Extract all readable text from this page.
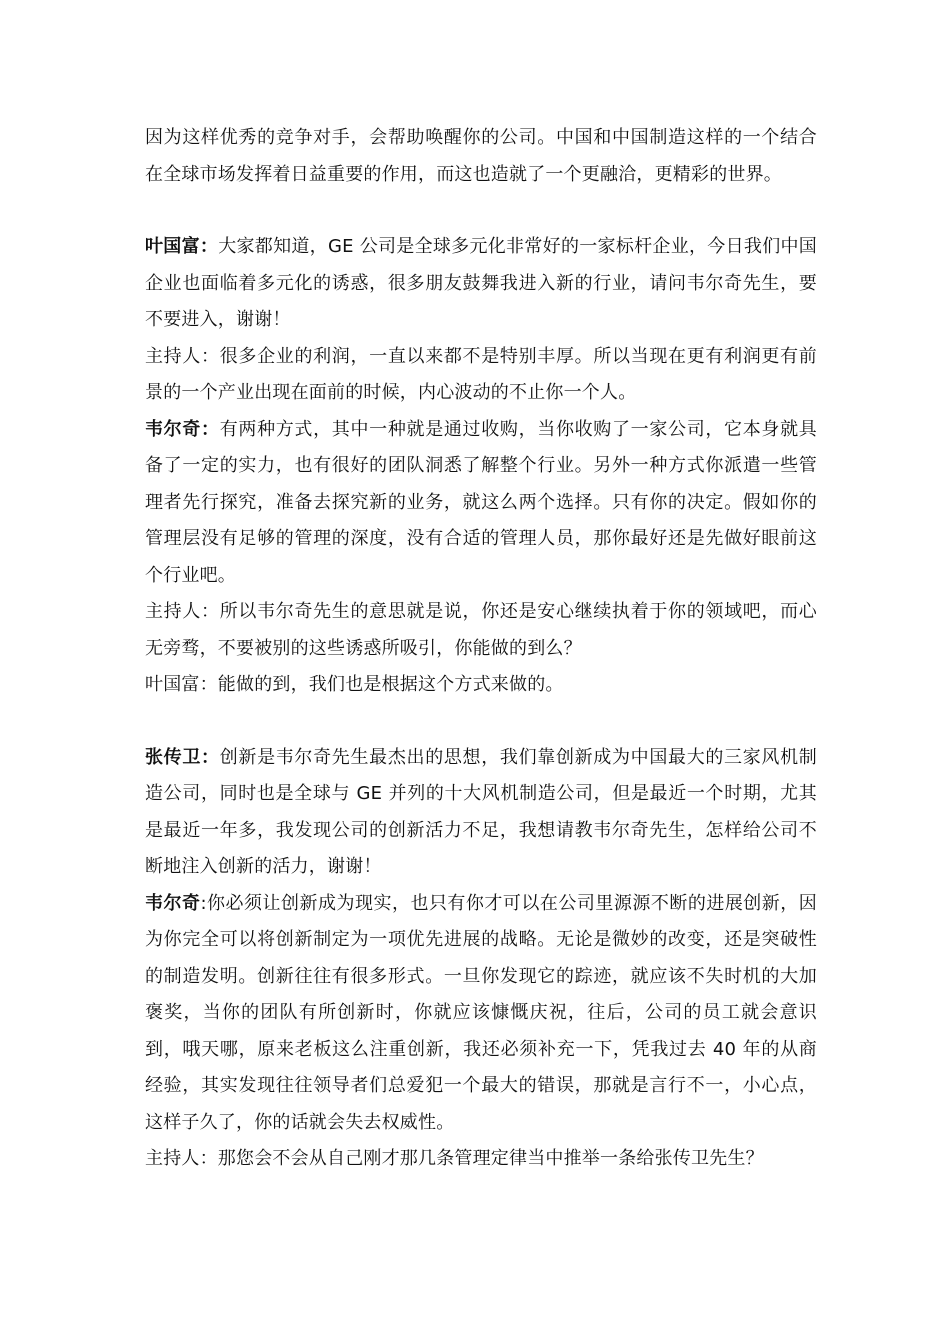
因为这样优秀的竞争对手，会帮助唤醒你的公司。中国和中国制造这样的一个结合在全球市场发挥着日益重要的作用，而这也造就了一个更融洽，更精彩的世界。

叶国富：大家都知道，GE 公司是全球多元化非常好的一家标杆企业，今日我们中国企业也面临着多元化的诱惑，很多朋友鼓舞我进入新的行业，请问韦尔奇先生，要不要进入，谢谢！

主持人：很多企业的利润，一直以来都不是特别丰厚。所以当现在更有利润更有前景的一个产业出现在面前的时候，内心波动的不止你一个人。

韦尔奇：有两种方式，其中一种就是通过收购，当你收购了一家公司，它本身就具备了一定的实力，也有很好的团队洞悉了解整个行业。另外一种方式你派遣一些管理者先行探究，准备去探究新的业务，就这么两个选择。只有你的决定。假如你的管理层没有足够的管理的深度，没有合适的管理人员，那你最好还是先做好眼前这个行业吧。

主持人：所以韦尔奇先生的意思就是说，你还是安心继续执着于你的领域吧，而心无旁骛，不要被别的这些诱惑所吸引，你能做的到么？

叶国富：能做的到，我们也是根据这个方式来做的。

张传卫：创新是韦尔奇先生最杰出的思想，我们靠创新成为中国最大的三家风机制造公司，同时也是全球与 GE 并列的十大风机制造公司，但是最近一个时期，尤其是最近一年多，我发现公司的创新活力不足，我想请教韦尔奇先生，怎样给公司不断地注入创新的活力，谢谢！

韦尔奇:你必须让创新成为现实，也只有你才可以在公司里源源不断的进展创新，因为你完全可以将创新制定为一项优先进展的战略。无论是微妙的改变，还是突破性的制造发明。创新往往有很多形式。一旦你发现它的踪迹，就应该不失时机的大加褒奖，当你的团队有所创新时，你就应该慷慨庆祝，往后，公司的员工就会意识到，哦天哪，原来老板这么注重创新，我还必须补充一下，凭我过去 40 年的从商经验，其实发现往往领导者们总爱犯一个最大的错误，那就是言行不一，小心点，这样子久了，你的话就会失去权威性。

主持人：那您会不会从自己刚才那几条管理定律当中推举一条给张传卫先生？
